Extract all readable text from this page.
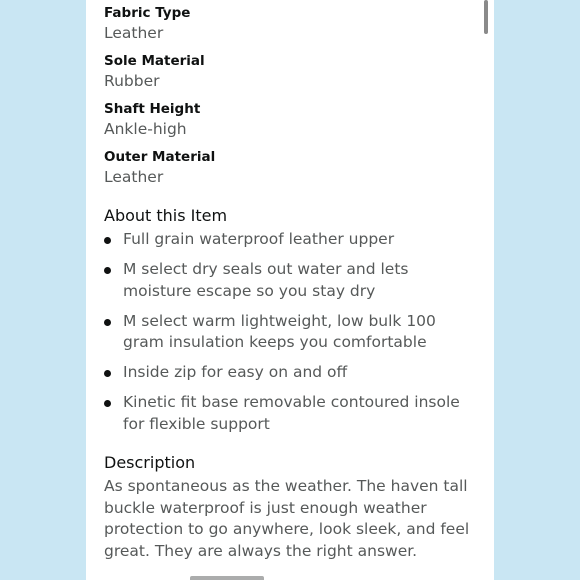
Fabric Type
Leather
Sole Material
Rubber
Shaft Height
Ankle-high
Outer Material
Leather
About this Item
Full grain waterproof leather upper
M select dry seals out water and lets moisture escape so you stay dry
M select warm lightweight, low bulk 100 gram insulation keeps you comfortable
Inside zip for easy on and off
Kinetic fit base removable contoured insole for flexible support
Description
As spontaneous as the weather. The haven tall buckle waterproof is just enough weather protection to go anywhere, look sleek, and feel great. They are always the right answer.
